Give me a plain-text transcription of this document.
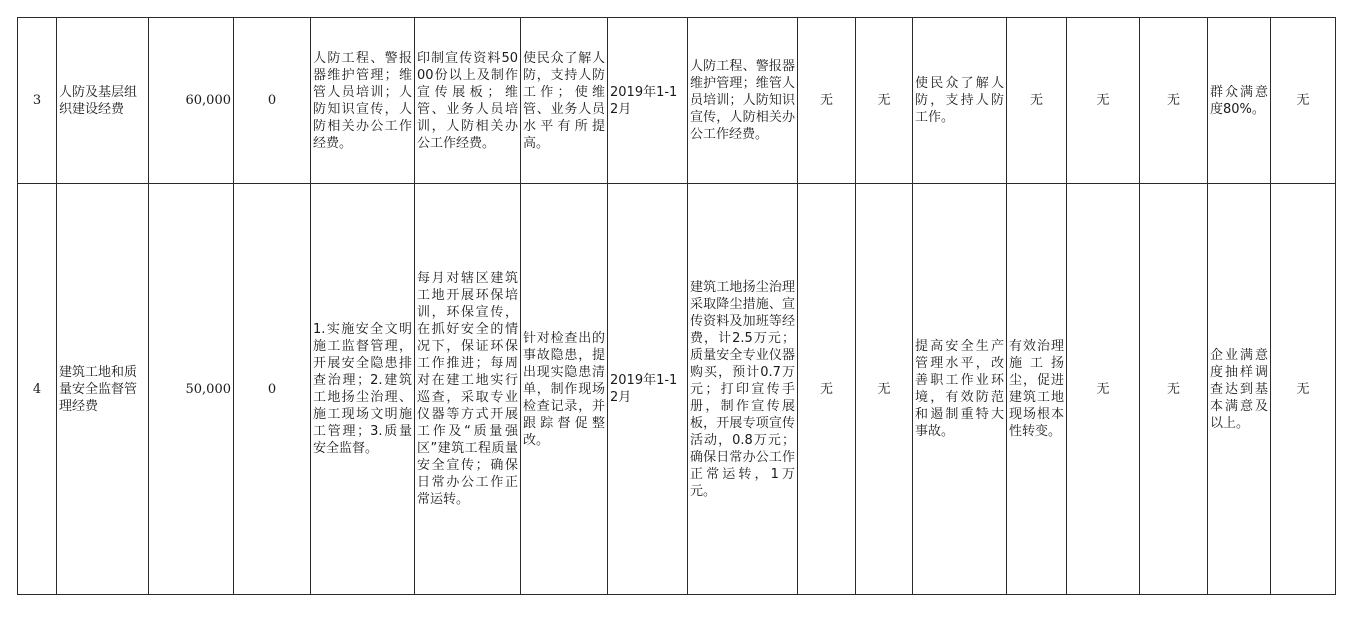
3	人防及基层组织建设经费	60,000	0	人防工程、警报器维护管理；维管人员培训；人防知识宣传，人防相关办公工作经费。	印制宣传资料5000份以上及制作宣传展板；维管、业务人员培训，人防相关办公工作经费。	使民众了解人防，支持人防工作；使维管、业务人员水平有所提高。	2019年1-12月	人防工程、警报器维护管理；维管人员培训；人防知识宣传，人防相关办公工作经费。	无	无	使民众了解人防，支持人防工作。	无	无	无	群众满意　度80%。	无
4	建筑工地和质量安全监督管理经费	50,000	0	1.实施安全文明施工监督管理，开展安全隐患排查治理；2.建筑工地扬尘治理、施工现场文明施工管理；3.质量安全监督。	每月对辖区建筑工地开展环保培训，环保宣传，在抓好安全的情况下，保证环保工作推进；每周对在建工地实行巡查，采取专业仪器等方式开展工作及“质量强区”建筑工程质量安全宣传；确保日常办公工作正常运转。	针对检查出的事故隐患，提出现实隐患清单，制作现场检查记录，并跟踪督促整改。	2019年1-12月	建筑工地扬尘治理采取降尘措施、宣传资料及加班等经费，计2.5万元；质量安全专业仪器购买，预计0.7万元；打印宣传手册，制作宣传展板，开展专项宣传活动，0.8万元；确保日常办公工作正常运转，1万元。	无	无	提高安全生产管理水平，改善职工作业环境，有效防范和遏制重特大事故。	有效治理施工扬尘，促进建筑工地现场根本性转变。	无	无	企业满意度抽样调查达到基本满意及以上。	无
